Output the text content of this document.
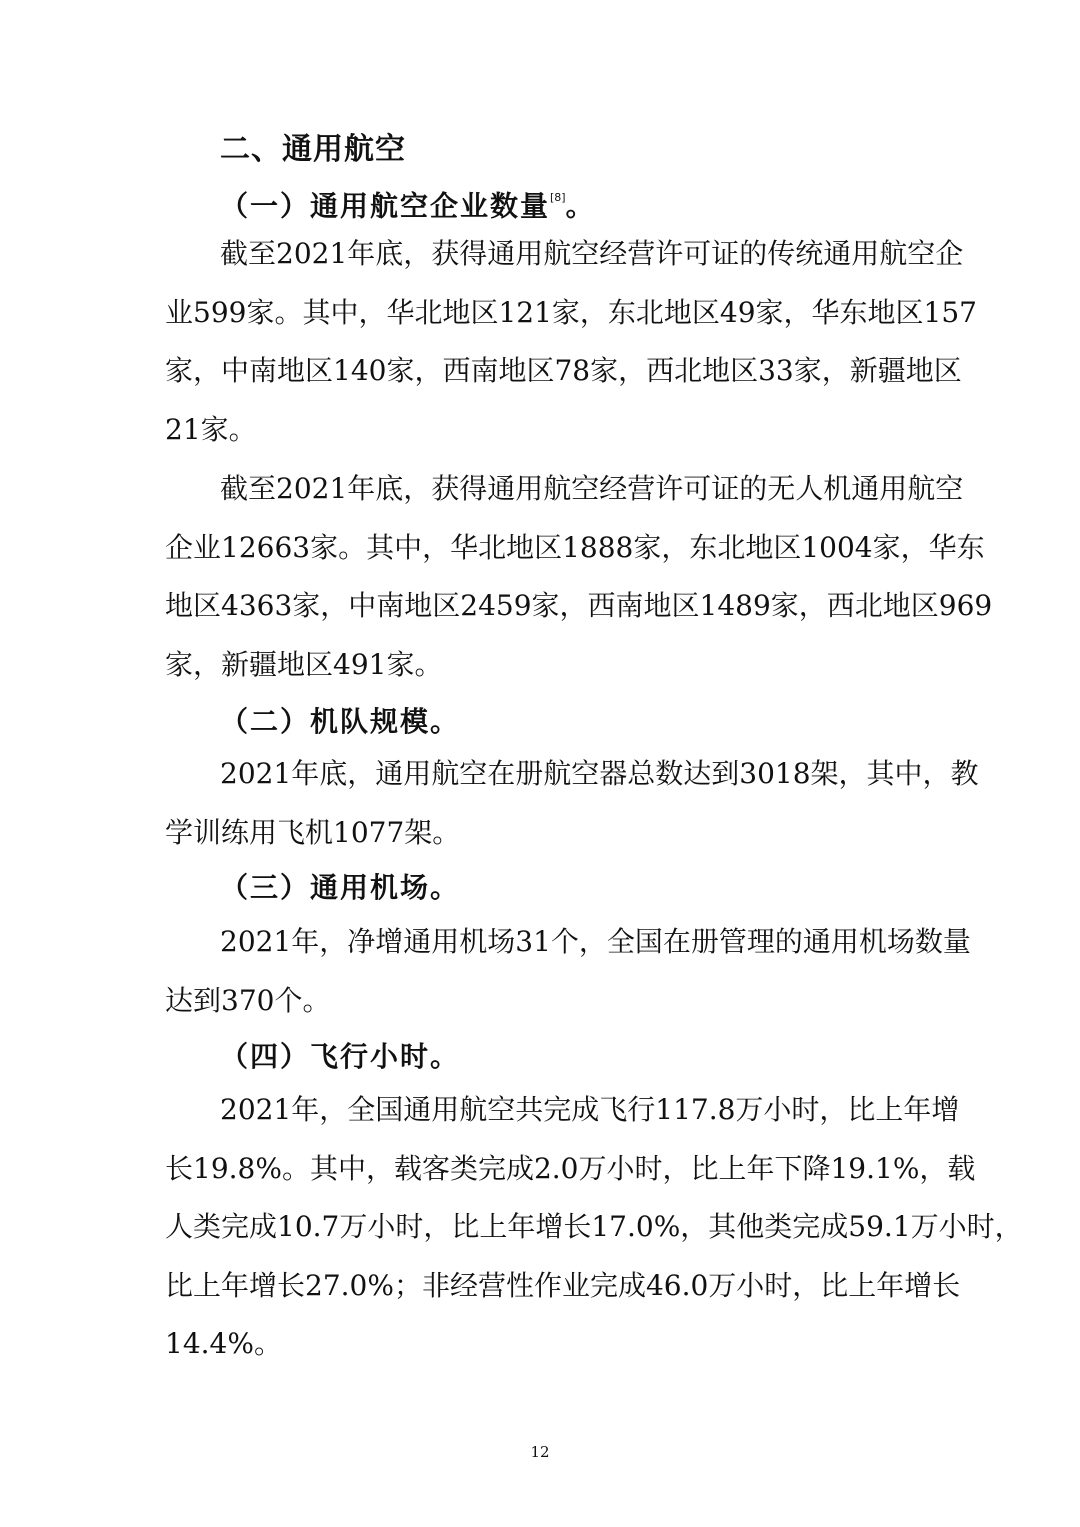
二、通用航空
（一）通用航空企业数量[8]。
截至2021年底，获得通用航空经营许可证的传统通用航空企
业599家。其中，华北地区121家，东北地区49家，华东地区157
家，中南地区140家，西南地区78家，西北地区33家，新疆地区
21家。
截至2021年底，获得通用航空经营许可证的无人机通用航空
企业12663家。其中，华北地区1888家，东北地区1004家，华东
地区4363家，中南地区2459家，西南地区1489家，西北地区969
家，新疆地区491家。
（二）机队规模。
2021年底，通用航空在册航空器总数达到3018架，其中，教
学训练用飞机1077架。
（三）通用机场。
2021年，净增通用机场31个，全国在册管理的通用机场数量
达到370个。
（四）飞行小时。
2021年，全国通用航空共完成飞行117.8万小时，比上年增
长19.8%。其中，载客类完成2.0万小时，比上年下降19.1%，载
人类完成10.7万小时，比上年增长17.0%，其他类完成59.1万小时，
比上年增长27.0%；非经营性作业完成46.0万小时，比上年增长
14.4%。
12
